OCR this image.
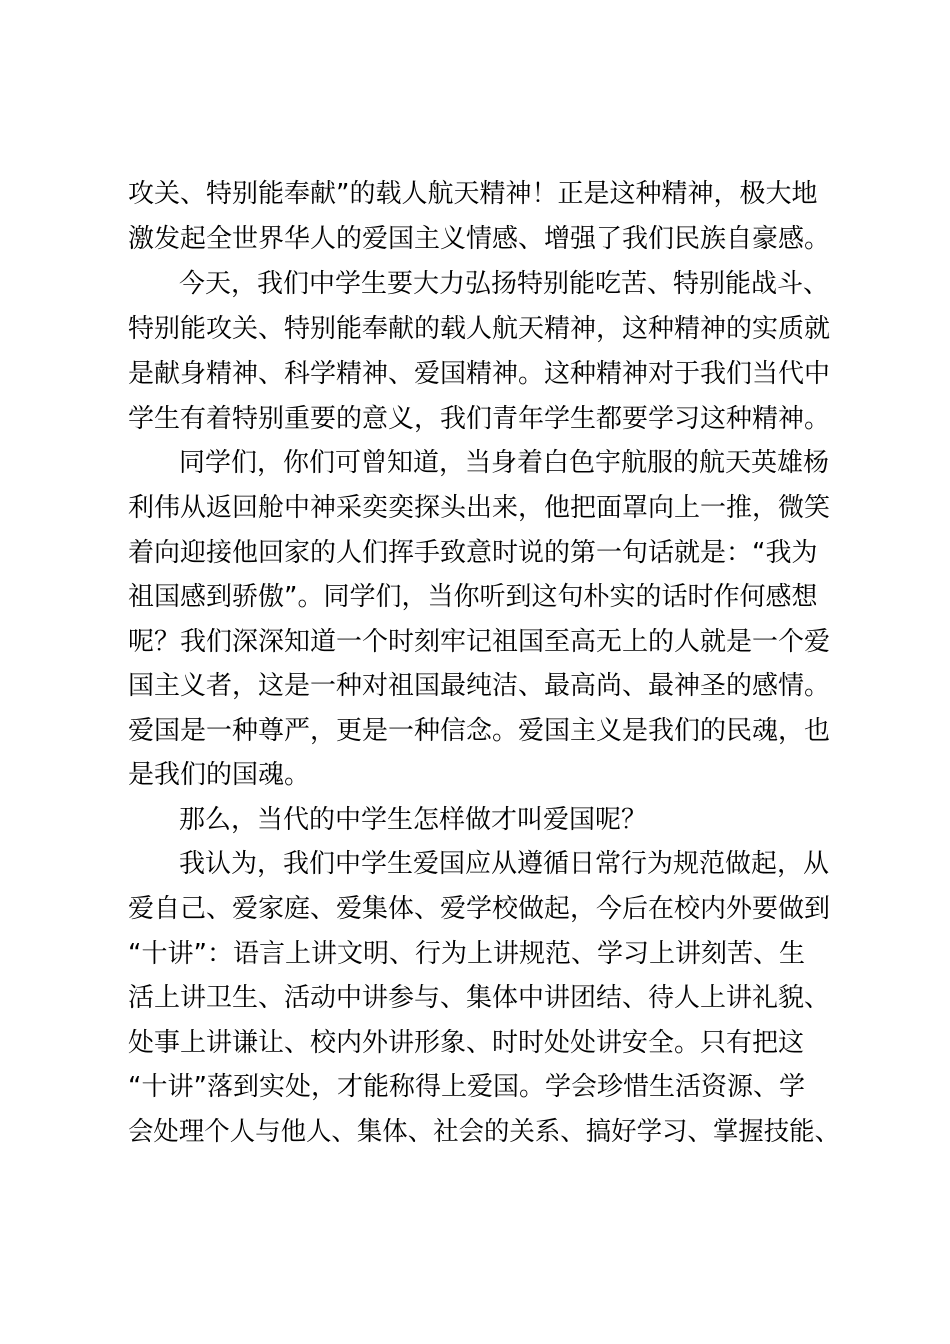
攻关、特别能奉献”的载人航天精神！正是这种精神，极大地
激发起全世界华人的爱国主义情感、增强了我们民族自豪感。
今天，我们中学生要大力弘扬特别能吃苦、特别能战斗、
特别能攻关、特别能奉献的载人航天精神，这种精神的实质就
是献身精神、科学精神、爱国精神。这种精神对于我们当代中
学生有着特别重要的意义，我们青年学生都要学习这种精神。
同学们，你们可曾知道，当身着白色宇航服的航天英雄杨
利伟从返回舱中神采奕奕探头出来，他把面罩向上一推，微笑
着向迎接他回家的人们挥手致意时说的第一句话就是：“我为
祖国感到骄傲”。同学们，当你听到这句朴实的话时作何感想
呢？我们深深知道一个时刻牢记祖国至高无上的人就是一个爱
国主义者，这是一种对祖国最纯洁、最高尚、最神圣的感情。
爱国是一种尊严，更是一种信念。爱国主义是我们的民魂，也
是我们的国魂。
那么，当代的中学生怎样做才叫爱国呢？
我认为，我们中学生爱国应从遵循日常行为规范做起，从
爱自己、爱家庭、爱集体、爱学校做起，今后在校内外要做到
“十讲”：语言上讲文明、行为上讲规范、学习上讲刻苦、生
活上讲卫生、活动中讲参与、集体中讲团结、待人上讲礼貌、
处事上讲谦让、校内外讲形象、时时处处讲安全。只有把这
“十讲”落到实处，才能称得上爱国。学会珍惜生活资源、学
会处理个人与他人、集体、社会的关系、搞好学习、掌握技能、
